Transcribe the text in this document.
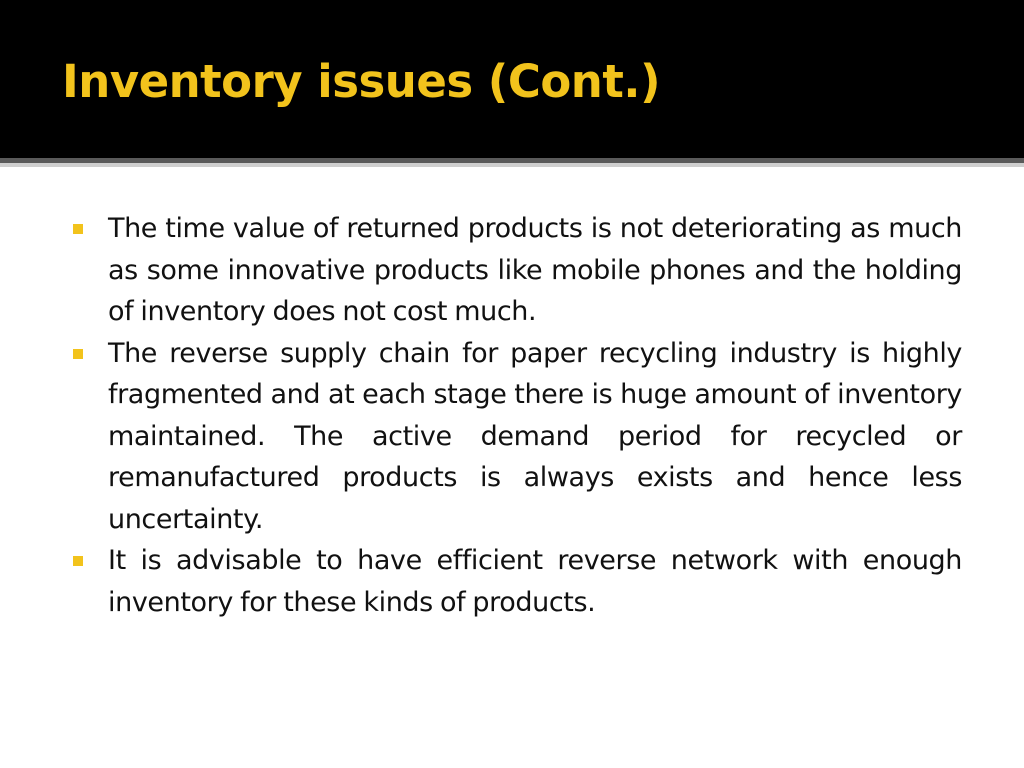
Inventory issues (Cont.)
The time value of returned products is not deteriorating as much as some innovative products like mobile phones and the holding of inventory does not cost much.
The reverse supply chain for paper recycling industry is highly fragmented and at each stage there is huge amount of inventory maintained. The active demand period for recycled or remanufactured products is always exists and hence less uncertainty.
It is advisable to have efficient reverse network with enough inventory for these kinds of products.
